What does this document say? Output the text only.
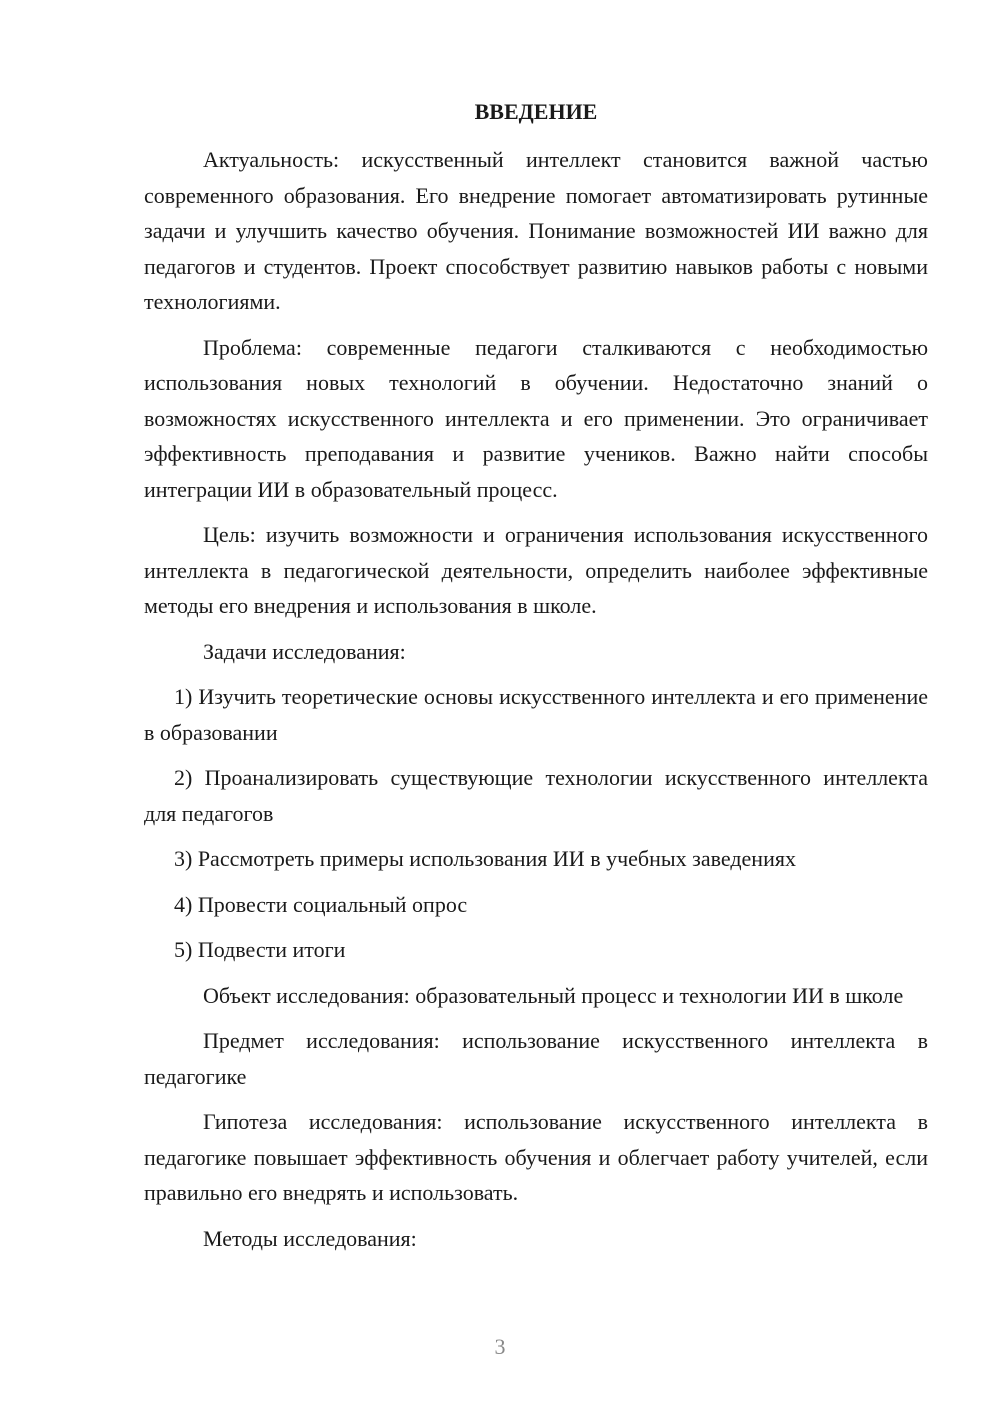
ВВЕДЕНИЕ

Актуальность: искусственный интеллект становится важной частью современного образования. Его внедрение помогает автоматизировать рутинные задачи и улучшить качество обучения. Понимание возможностей ИИ важно для педагогов и студентов. Проект способствует развитию навыков работы с новыми технологиями.

Проблема: современные педагоги сталкиваются с необходимостью использования новых технологий в обучении. Недостаточно знаний о возможностях искусственного интеллекта и его применении. Это ограничивает эффективность преподавания и развитие учеников. Важно найти способы интеграции ИИ в образовательный процесс.

Цель: изучить возможности и ограничения использования искусственного интеллекта в педагогической деятельности, определить наиболее эффективные методы его внедрения и использования в школе.

Задачи исследования:

1) Изучить теоретические основы искусственного интеллекта и его применение в образовании

2) Проанализировать существующие технологии искусственного интеллекта для педагогов

3) Рассмотреть примеры использования ИИ в учебных заведениях

4) Провести социальный опрос

5) Подвести итоги

Объект исследования: образовательный процесс и технологии ИИ в школе

Предмет исследования: использование искусственного интеллекта в педагогике

Гипотеза исследования: использование искусственного интеллекта в педагогике повышает эффективность обучения и облегчает работу учителей, если правильно его внедрять и использовать.

Методы исследования:

3
